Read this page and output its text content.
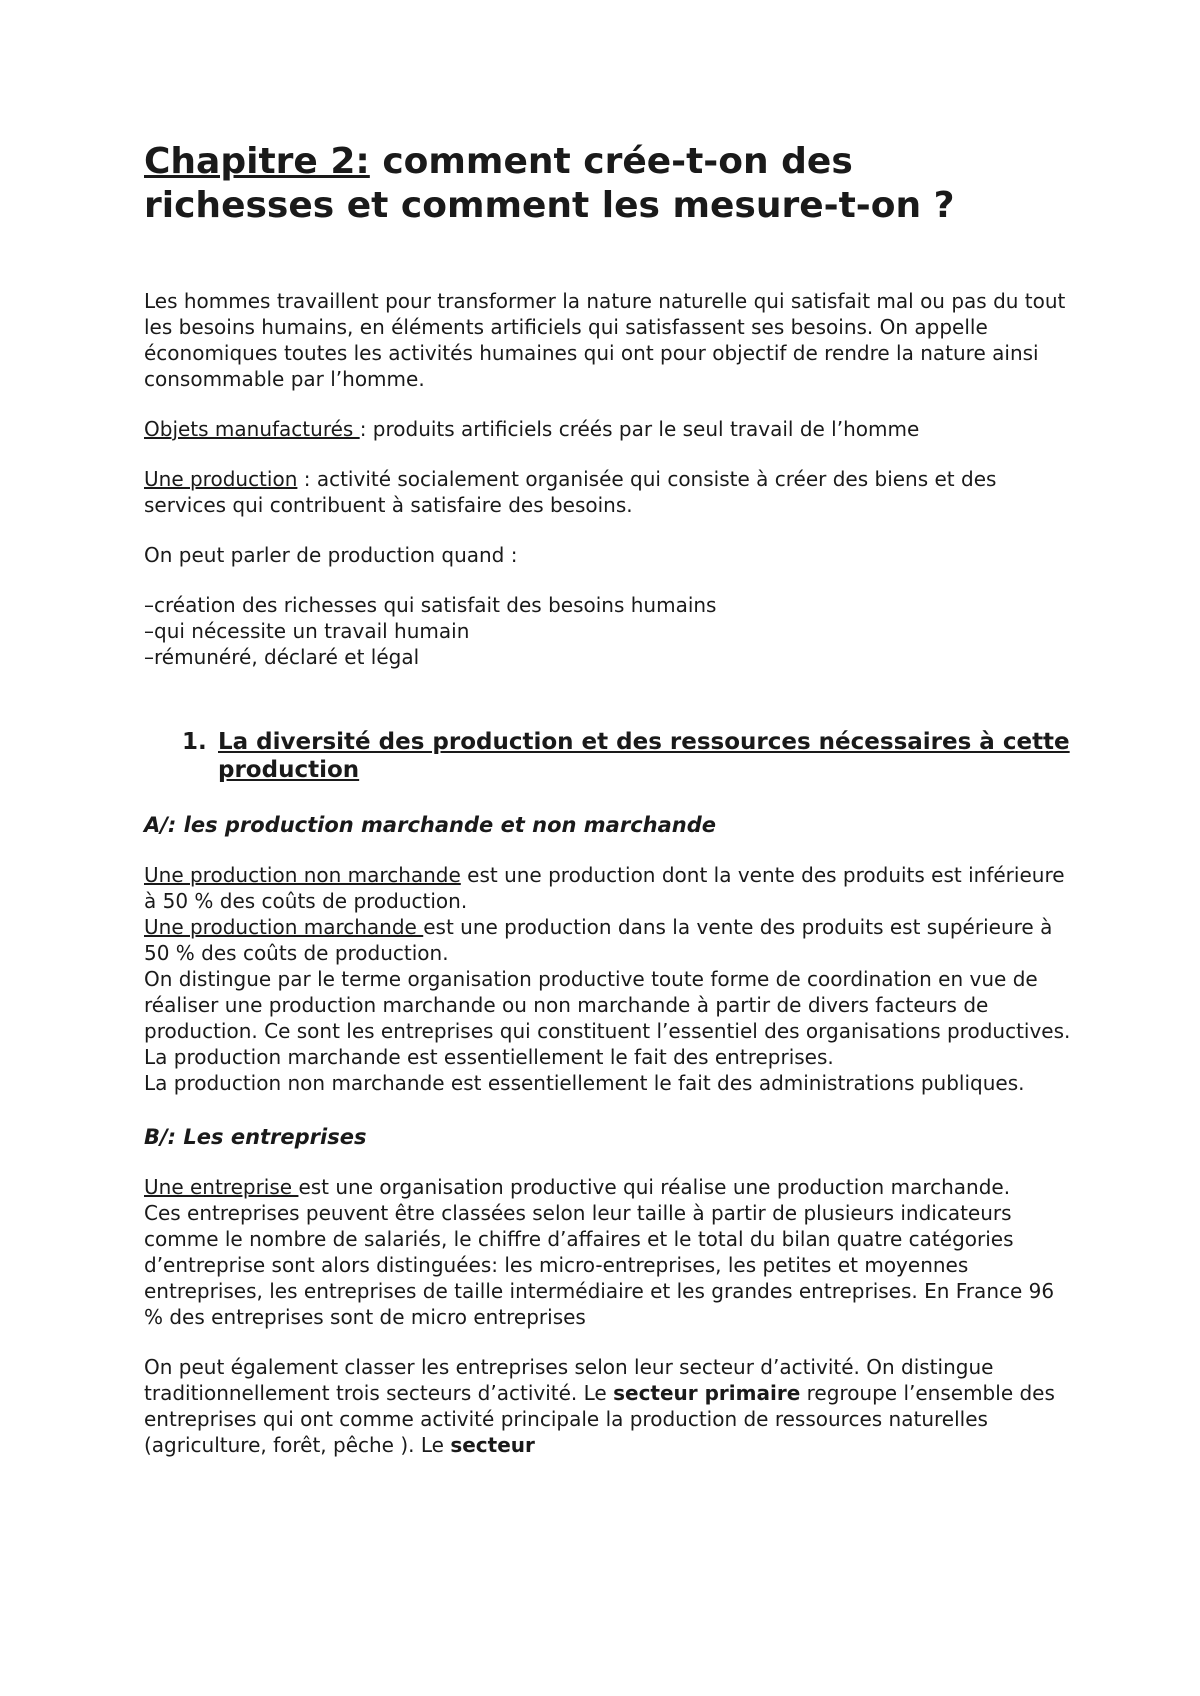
Chapitre 2: comment crée-t-on des
richesses et comment les mesure-t-on ?

Les hommes travaillent pour transformer la nature naturelle qui satisfait mal ou pas du tout les besoins humains, en éléments artificiels qui satisfassent ses besoins. On appelle économiques toutes les activités humaines qui ont pour objectif de rendre la nature ainsi consommable par l’homme.

Objets manufacturés : produits artificiels créés par le seul travail de l’homme

Une production : activité socialement organisée qui consiste à créer des biens et des services qui contribuent à satisfaire des besoins.

On peut parler de production quand :

–création des richesses qui satisfait des besoins humains

–qui nécessite un travail humain

–rémunéré, déclaré et légal

1. La diversité des production et des ressources nécessaires à cette production
A/: les production marchande et non marchande

Une production non marchande est une production dont la vente des produits est inférieure à 50 % des coûts de production.

Une production marchande est une production dans la vente des produits est supérieure à 50 % des coûts de production.

On distingue par le terme organisation productive toute forme de coordination en vue de réaliser une production marchande ou non marchande à partir de divers facteurs de production. Ce sont les entreprises qui constituent l’essentiel des organisations productives.

La production marchande est essentiellement le fait des entreprises.

La production non marchande est essentiellement le fait des administrations publiques.

B/: Les entreprises

Une entreprise est une organisation productive qui réalise une production marchande.

Ces entreprises peuvent être classées selon leur taille à partir de plusieurs indicateurs comme le nombre de salariés, le chiffre d’affaires et le total du bilan quatre catégories d’entreprise sont alors distinguées: les micro-entreprises, les petites et moyennes entreprises, les entreprises de taille intermédiaire et les grandes entreprises. En France 96 % des entreprises sont de micro entreprises

On peut également classer les entreprises selon leur secteur d’activité. On distingue traditionnellement trois secteurs d’activité. Le secteur primaire regroupe l’ensemble des entreprises qui ont comme activité principale la production de ressources naturelles (agriculture, forêt, pêche ). Le secteur
